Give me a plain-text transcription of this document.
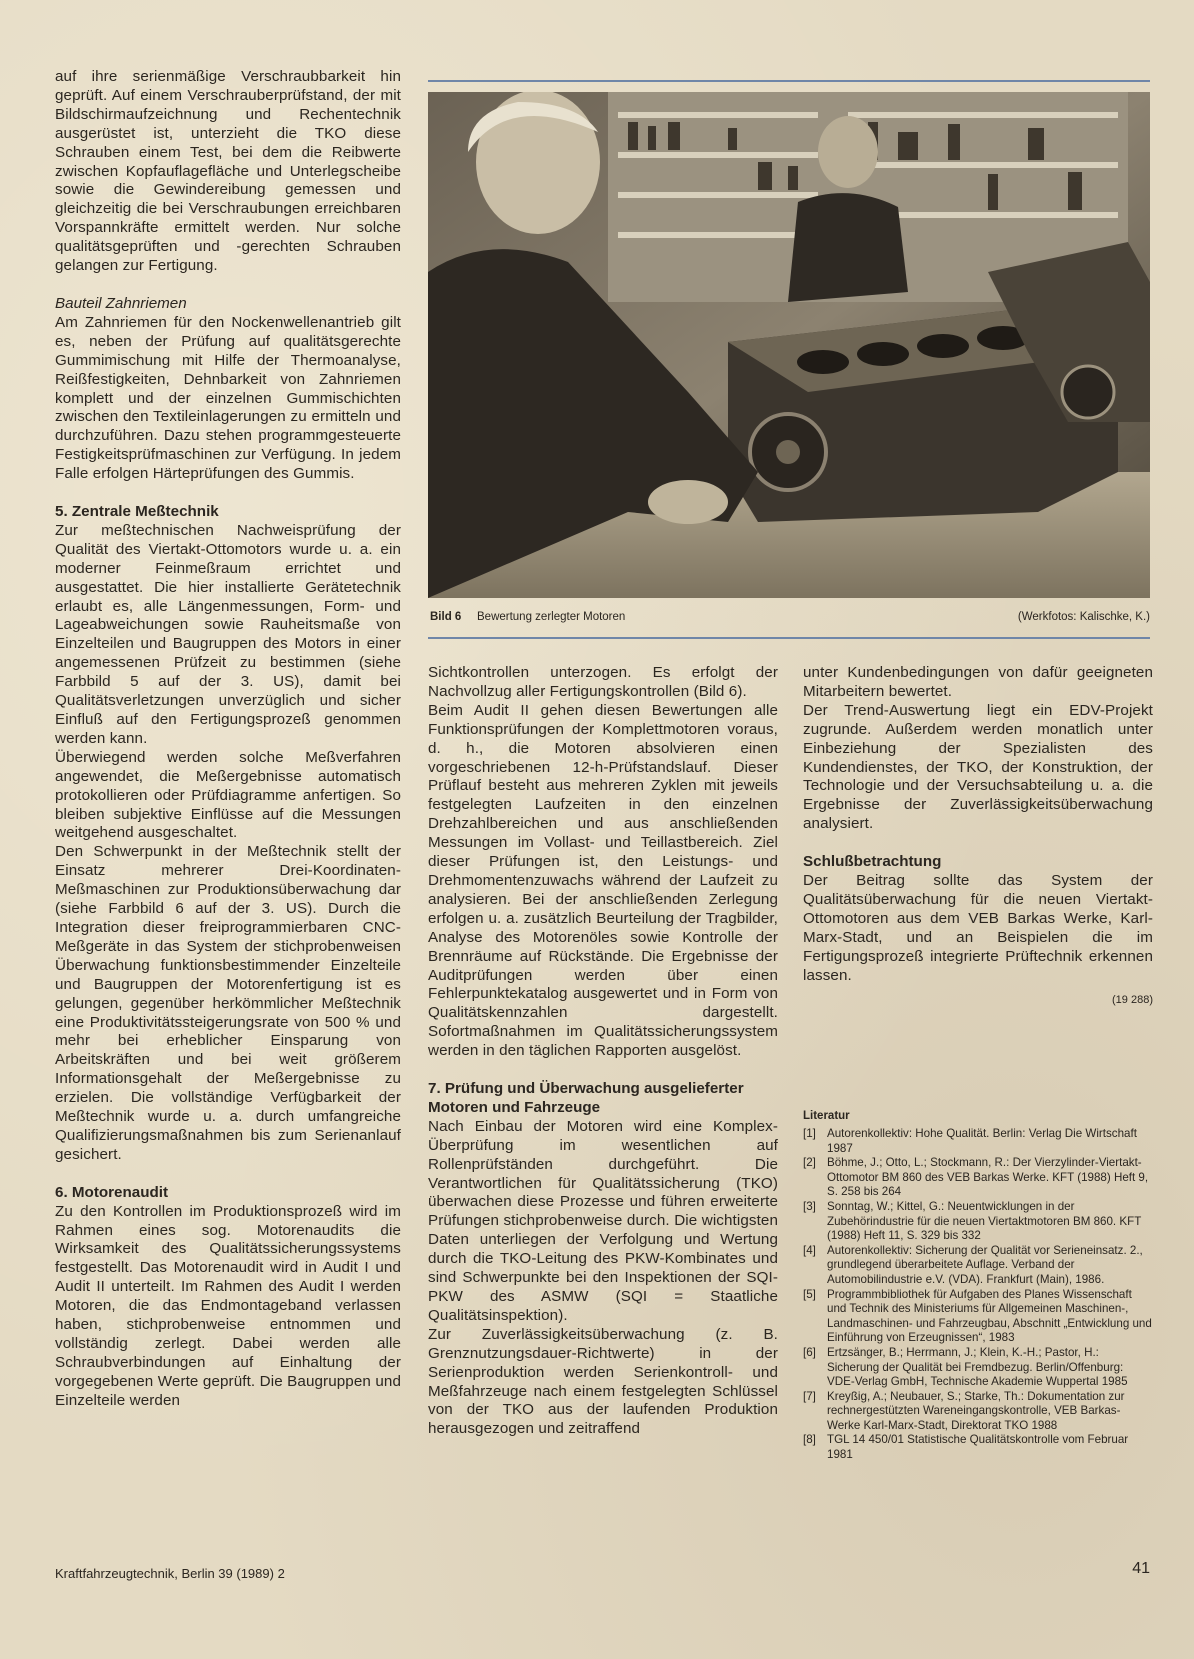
auf ihre serienmäßige Verschraubbarkeit hin geprüft. Auf einem Verschrauberprüfstand, der mit Bildschirmaufzeichnung und Rechentechnik ausgerüstet ist, unterzieht die TKO diese Schrauben einem Test, bei dem die Reibwerte zwischen Kopfauflagefläche und Unterlegscheibe sowie die Gewindereibung gemessen und gleichzeitig die bei Verschraubungen erreichbaren Vorspannkräfte ermittelt werden. Nur solche qualitätsgeprüften und -gerechten Schrauben gelangen zur Fertigung.

Bauteil Zahnriemen

Am Zahnriemen für den Nockenwellenantrieb gilt es, neben der Prüfung auf qualitätsgerechte Gummimischung mit Hilfe der Thermoanalyse, Reißfestigkeiten, Dehnbarkeit von Zahnriemen komplett und der einzelnen Gummischichten zwischen den Textileinlagerungen zu ermitteln und durchzuführen. Dazu stehen programmgesteuerte Festigkeitsprüfmaschinen zur Verfügung. In jedem Falle erfolgen Härteprüfungen des Gummis.

5. Zentrale Meßtechnik

Zur meßtechnischen Nachweisprüfung der Qualität des Viertakt-Ottomotors wurde u. a. ein moderner Feinmeßraum errichtet und ausgestattet. Die hier installierte Gerätetechnik erlaubt es, alle Längenmessungen, Form- und Lageabweichungen sowie Rauheitsmaße von Einzelteilen und Baugruppen des Motors in einer angemessenen Prüfzeit zu bestimmen (siehe Farbbild 5 auf der 3. US), damit bei Qualitätsverletzungen unverzüglich und sicher Einfluß auf den Fertigungsprozeß genommen werden kann.

Überwiegend werden solche Meßverfahren angewendet, die Meßergebnisse automatisch protokollieren oder Prüfdiagramme anfertigen. So bleiben subjektive Einflüsse auf die Messungen weitgehend ausgeschaltet.

Den Schwerpunkt in der Meßtechnik stellt der Einsatz mehrerer Drei-Koordinaten-Meßmaschinen zur Produktionsüberwachung dar (siehe Farbbild 6 auf der 3. US). Durch die Integration dieser freiprogrammierbaren CNC-Meßgeräte in das System der stichprobenweisen Überwachung funktionsbestimmender Einzelteile und Baugruppen der Motorenfertigung ist es gelungen, gegenüber herkömmlicher Meßtechnik eine Produktivitätssteigerungsrate von 500 % und mehr bei erheblicher Einsparung von Arbeitskräften und bei weit größerem Informationsgehalt der Meßergebnisse zu erzielen. Die vollständige Verfügbarkeit der Meßtechnik wurde u. a. durch umfangreiche Qualifizierungsmaßnahmen bis zum Serienanlauf gesichert.

6. Motorenaudit

Zu den Kontrollen im Produktionsprozeß wird im Rahmen eines sog. Motorenaudits die Wirksamkeit des Qualitätssicherungssystems festgestellt. Das Motorenaudit wird in Audit I und Audit II unterteilt. Im Rahmen des Audit I werden Motoren, die das Endmontageband verlassen haben, stichprobenweise entnommen und vollständig zerlegt. Dabei werden alle Schraubverbindungen auf Einhaltung der vorgegebenen Werte geprüft. Die Baugruppen und Einzelteile werden

Bild 6 Bewertung zerlegter Motoren	(Werkfotos: Kalischke, K.)

Sichtkontrollen unterzogen. Es erfolgt der Nachvollzug aller Fertigungskontrollen (Bild 6).

Beim Audit II gehen diesen Bewertungen alle Funktionsprüfungen der Komplettmotoren voraus, d. h., die Motoren absolvieren einen vorgeschriebenen 12-h-Prüfstandslauf. Dieser Prüflauf besteht aus mehreren Zyklen mit jeweils festgelegten Laufzeiten in den einzelnen Drehzahlbereichen und aus anschließenden Messungen im Vollast- und Teillastbereich. Ziel dieser Prüfungen ist, den Leistungs- und Drehmomentenzuwachs während der Laufzeit zu analysieren. Bei der anschließenden Zerlegung erfolgen u. a. zusätzlich Beurteilung der Tragbilder, Analyse des Motorenöles sowie Kontrolle der Brennräume auf Rückstände. Die Ergebnisse der Auditprüfungen werden über einen Fehlerpunktekatalog ausgewertet und in Form von Qualitätskennzahlen dargestellt. Sofortmaßnahmen im Qualitätssicherungssystem werden in den täglichen Rapporten ausgelöst.

7. Prüfung und Überwachung ausgelieferter Motoren und Fahrzeuge

Nach Einbau der Motoren wird eine Komplex-Überprüfung im wesentlichen auf Rollenprüfständen durchgeführt. Die Verantwortlichen für Qualitätssicherung (TKO) überwachen diese Prozesse und führen erweiterte Prüfungen stichprobenweise durch. Die wichtigsten Daten unterliegen der Verfolgung und Wertung durch die TKO-Leitung des PKW-Kombinates und sind Schwerpunkte bei den Inspektionen der SQI-PKW des ASMW (SQI = Staatliche Qualitätsinspektion).

Zur Zuverlässigkeitsüberwachung (z. B. Grenznutzungsdauer-Richtwerte) in der Serienproduktion werden Serienkontroll- und Meßfahrzeuge nach einem festgelegten Schlüssel von der TKO aus der laufenden Produktion herausgezogen und zeitraffend

unter Kundenbedingungen von dafür geeigneten Mitarbeitern bewertet.

Der Trend-Auswertung liegt ein EDV-Projekt zugrunde. Außerdem werden monatlich unter Einbeziehung der Spezialisten des Kundendienstes, der TKO, der Konstruktion, der Technologie und der Versuchsabteilung u. a. die Ergebnisse der Zuverlässigkeitsüberwachung analysiert.

Schlußbetrachtung

Der Beitrag sollte das System der Qualitätsüberwachung für die neuen Viertakt-Ottomotoren aus dem VEB Barkas Werke, Karl-Marx-Stadt, und an Beispielen die im Fertigungsprozeß integrierte Prüftechnik erkennen lassen.

(19 288)
Literatur
[1] Autorenkollektiv: Hohe Qualität. Berlin: Verlag Die Wirtschaft 1987
[2] Böhme, J.; Otto, L.; Stockmann, R.: Der Vierzylinder-Viertakt-Ottomotor BM 860 des VEB Barkas Werke. KFT (1988) Heft 9, S. 258 bis 264
[3] Sonntag, W.; Kittel, G.: Neuentwicklungen in der Zubehörindustrie für die neuen Viertaktmotoren BM 860. KFT (1988) Heft 11, S. 329 bis 332
[4] Autorenkollektiv: Sicherung der Qualität vor Serieneinsatz. 2., grundlegend überarbeitete Auflage. Verband der Automobilindustrie e.V. (VDA). Frankfurt (Main), 1986.
[5] Programmbibliothek für Aufgaben des Planes Wissenschaft und Technik des Ministeriums für Allgemeinen Maschinen-, Landmaschinen- und Fahrzeugbau, Abschnitt „Entwicklung und Einführung von Erzeugnissen“, 1983
[6] Ertzsänger, B.; Herrmann, J.; Klein, K.-H.; Pastor, H.: Sicherung der Qualität bei Fremdbezug. Berlin/Offenburg: VDE-Verlag GmbH, Technische Akademie Wuppertal 1985
[7] Kreyßig, A.; Neubauer, S.; Starke, Th.: Dokumentation zur rechnergestützten Wareneingangskontrolle, VEB Barkas-Werke Karl-Marx-Stadt, Direktorat TKO 1988
[8] TGL 14 450/01 Statistische Qualitätskontrolle vom Februar 1981
Kraftfahrzeugtechnik, Berlin 39 (1989) 2	41
